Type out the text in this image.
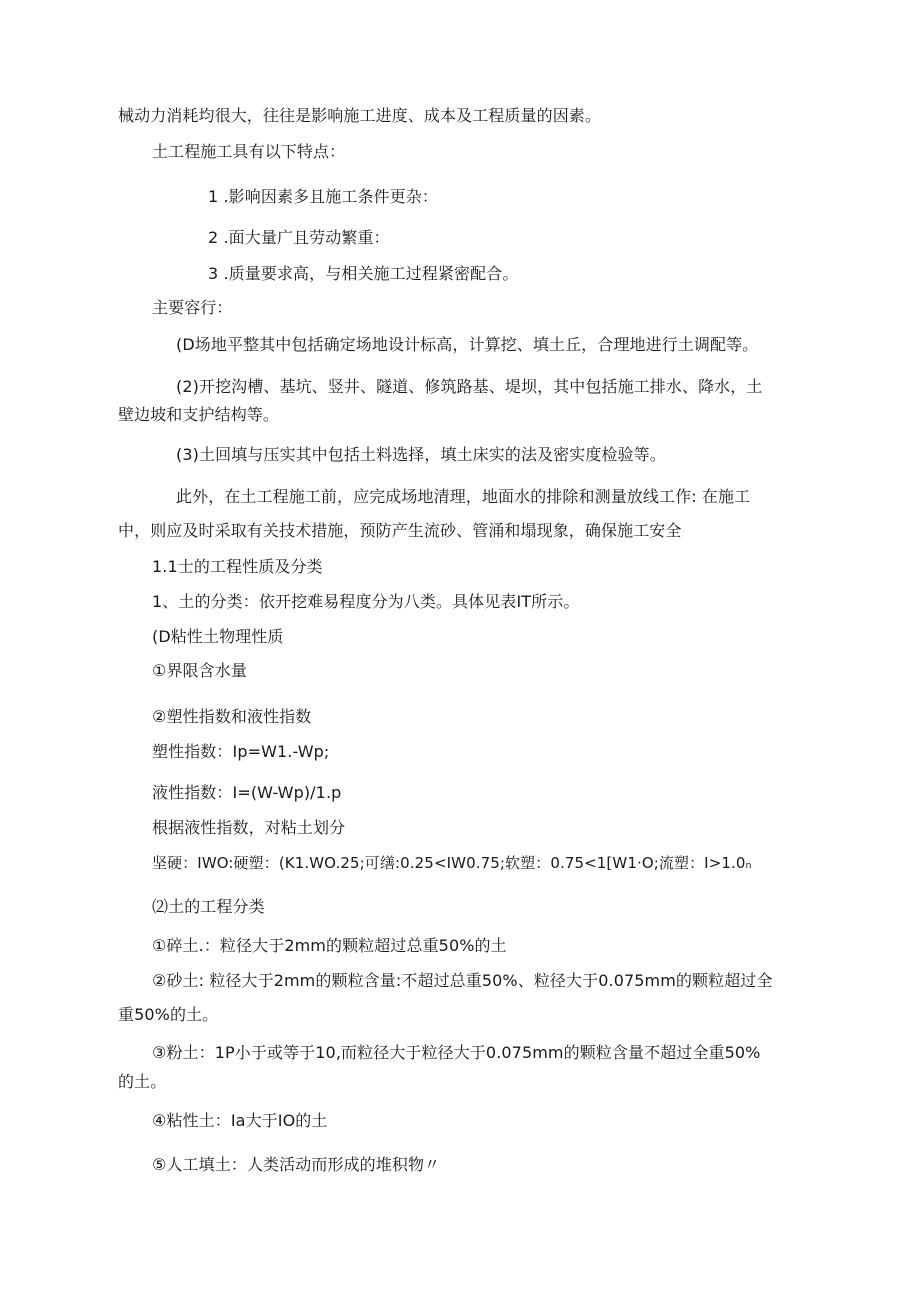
械动力消耗均很大，往往是影响施工进度、成本及工程质量的因素。
土工程施工具有以下特点：
1 .影响因素多且施工条件更杂：
2 .面大量广且劳动繁重：
3 .质量要求高，与相关施工过程紧密配合。
主要容行：
(D场地平整其中包括确定场地设计标高，计算挖、填土丘，合理地进行土调配等。
(2)开挖沟槽、基坑、竖井、隧道、修筑路基、堤坝，其中包括施工排水、降水，土
壁边坡和支护结构等。
(3)土回填与压实其中包括土料选择，填土床实的法及密实度检验等。
此外，在土工程施工前，应完成场地清理，地面水的排除和测量放线工作: 在施工
中，则应及时采取有关技术措施，预防产生流砂、管涌和塌现象，确保施工安全
1.1士的工程性质及分类
1、土的分类：依开挖难易程度分为八类。具体见表IT所示。
(D粘性土物理性质
①界限含水量
②塑性指数和液性指数
塑性指数：Ip=W1.-Wp;
液性指数：I=(W-Wp)∕1.p
根据液性指数，对粘土划分
坚硬：IWO:硬塑：(K1.WO.25;可缮:0.25<IW0.75;软塑：0.75<1[W1·O;流塑：I>1.0ₙ
⑵土的工程分类
①碎土.：粒径大于2mm的颗粒超过总重50%的土
②砂土: 粒径大于2mm的颗粒含量:不超过总重50%、粒径大于0.075mm的颗粒超过全
重50%的土。
③粉土：1P小于或等于10,而粒径大于粒径大于0.075mm的颗粒含量不超过全重50%
的土。
④粘性土：Ia大于IO的土
⑤人工填土：人类活动而形成的堆积物〃
